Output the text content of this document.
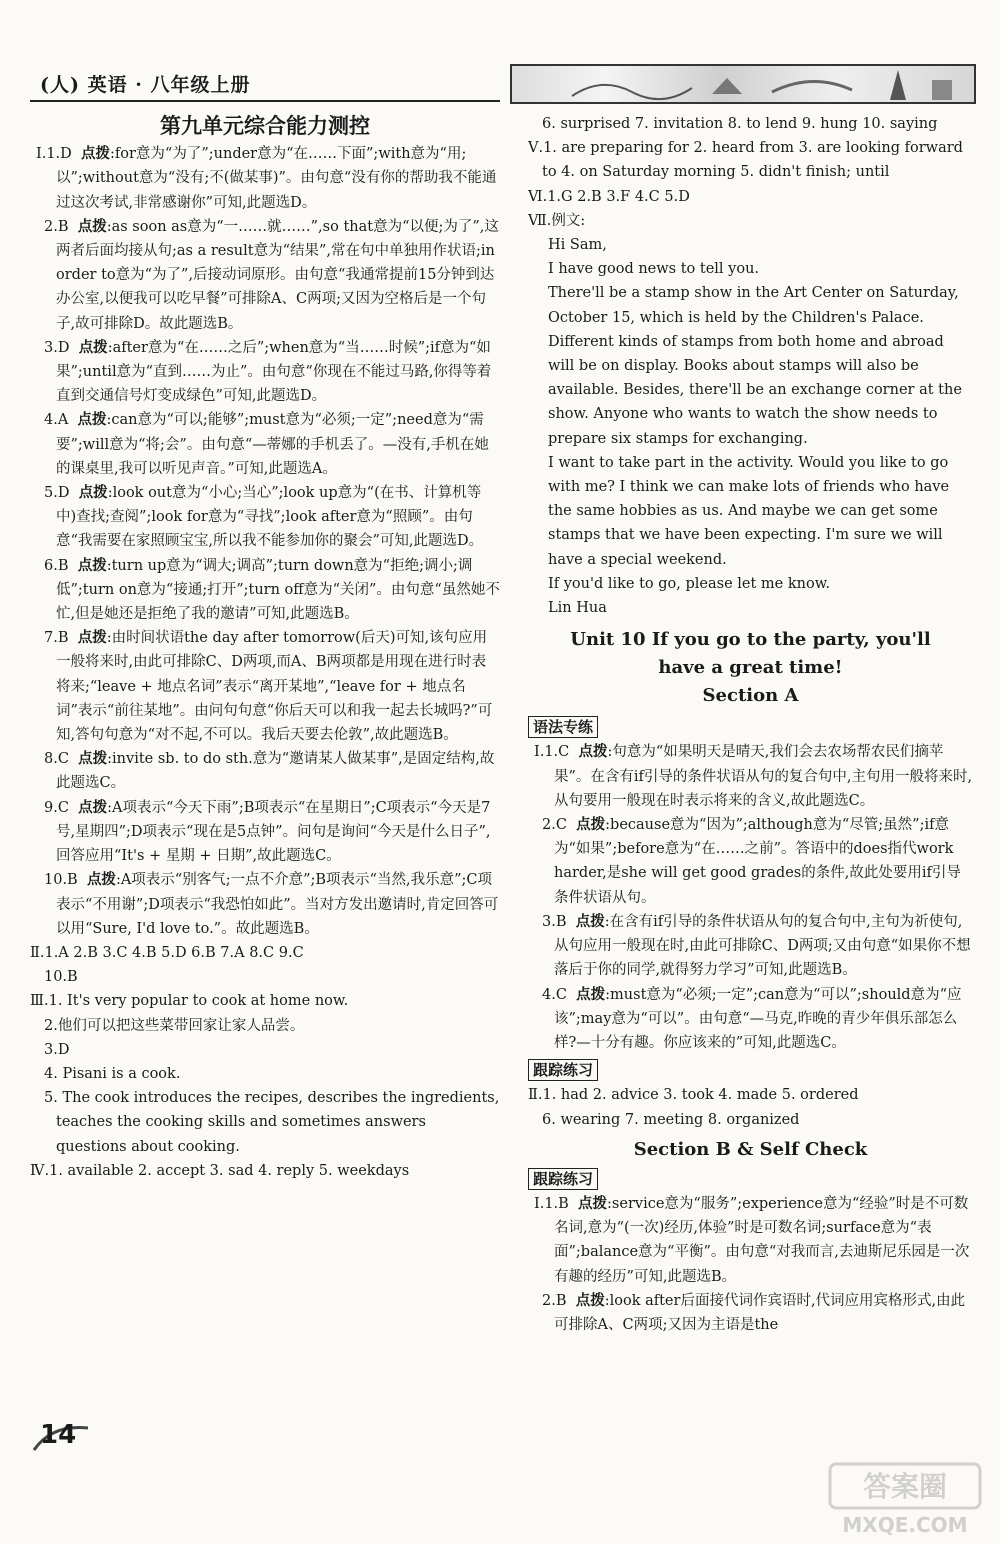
(人) 英语 · 八年级上册
第九单元综合能力测控

Ⅰ.1.D 点拨:for意为“为了”;under意为“在……下面”;with意为“用;以”;without意为“没有;不(做某事)”。由句意“没有你的帮助我不能通过这次考试,非常感谢你”可知,此题选D。

2.B 点拨:as soon as意为“一……就……”,so that意为“以便;为了”,这两者后面均接从句;as a result意为“结果”,常在句中单独用作状语;in order to意为“为了”,后接动词原形。由句意“我通常提前15分钟到达办公室,以便我可以吃早餐”可排除A、C两项;又因为空格后是一个句子,故可排除D。故此题选B。

3.D 点拨:after意为“在……之后”;when意为“当……时候”;if意为“如果”;until意为“直到……为止”。由句意“你现在不能过马路,你得等着直到交通信号灯变成绿色”可知,此题选D。

4.A 点拨:can意为“可以;能够”;must意为“必须;一定”;need意为“需要”;will意为“将;会”。由句意“—蒂娜的手机丢了。—没有,手机在她的课桌里,我可以听见声音。”可知,此题选A。

5.D 点拨:look out意为“小心;当心”;look up意为“(在书、计算机等中)查找;查阅”;look for意为“寻找”;look after意为“照顾”。由句意“我需要在家照顾宝宝,所以我不能参加你的聚会”可知,此题选D。

6.B 点拨:turn up意为“调大;调高”;turn down意为“拒绝;调小;调低”;turn on意为“接通;打开”;turn off意为“关闭”。由句意“虽然她不忙,但是她还是拒绝了我的邀请”可知,此题选B。

7.B 点拨:由时间状语the day after tomorrow(后天)可知,该句应用一般将来时,由此可排除C、D两项,而A、B两项都是用现在进行时表将来;“leave + 地点名词”表示“离开某地”,“leave for + 地点名词”表示“前往某地”。由问句句意“你后天可以和我一起去长城吗?”可知,答句句意为“对不起,不可以。我后天要去伦敦”,故此题选B。

8.C 点拨:invite sb. to do sth.意为“邀请某人做某事”,是固定结构,故此题选C。

9.C 点拨:A项表示“今天下雨”;B项表示“在星期日”;C项表示“今天是7号,星期四”;D项表示“现在是5点钟”。问句是询问“今天是什么日子”,回答应用“It's + 星期 + 日期”,故此题选C。

10.B 点拨:A项表示“别客气;一点不介意”;B项表示“当然,我乐意”;C项表示“不用谢”;D项表示“我恐怕如此”。当对方发出邀请时,肯定回答可以用“Sure, I'd love to.”。故此题选B。

Ⅱ.1.A 2.B 3.C 4.B 5.D 6.B 7.A 8.C 9.C

10.B

Ⅲ.1. It's very popular to cook at home now.

2.他们可以把这些菜带回家让家人品尝。

3.D

4. Pisani is a cook.

5. The cook introduces the recipes, describes the ingredients, teaches the cooking skills and sometimes answers questions about cooking.

Ⅳ.1. available 2. accept 3. sad 4. reply 5. weekdays

6. surprised 7. invitation 8. to lend 9. hung 10. saying

Ⅴ.1. are preparing for 2. heard from 3. are looking forward

to 4. on Saturday morning 5. didn't finish; until

Ⅵ.1.G 2.B 3.F 4.C 5.D

Ⅶ.例文:

Hi Sam,

I have good news to tell you.

There'll be a stamp show in the Art Center on Saturday, October 15, which is held by the Children's Palace. Different kinds of stamps from both home and abroad will be on display. Books about stamps will also be available. Besides, there'll be an exchange corner at the show. Anyone who wants to watch the show needs to prepare six stamps for exchanging.

I want to take part in the activity. Would you like to go with me? I think we can make lots of friends who have the same hobbies as us. And maybe we can get some stamps that we have been expecting. I'm sure we will have a special weekend.

If you'd like to go, please let me know.

Lin Hua

Unit 10 If you go to the party, you'll
have a great time!
Section A
语法专练

Ⅰ.1.C 点拨:句意为“如果明天是晴天,我们会去农场帮农民们摘苹果”。在含有if引导的条件状语从句的复合句中,主句用一般将来时,从句要用一般现在时表示将来的含义,故此题选C。

2.C 点拨:because意为“因为”;although意为“尽管;虽然”;if意为“如果”;before意为“在……之前”。答语中的does指代work harder,是she will get good grades的条件,故此处要用if引导条件状语从句。

3.B 点拨:在含有if引导的条件状语从句的复合句中,主句为祈使句,从句应用一般现在时,由此可排除C、D两项;又由句意“如果你不想落后于你的同学,就得努力学习”可知,此题选B。

4.C 点拨:must意为“必须;一定”;can意为“可以”;should意为“应该”;may意为“可以”。由句意“—马克,昨晚的青少年俱乐部怎么样?—十分有趣。你应该来的”可知,此题选C。

跟踪练习

Ⅱ.1. had 2. advice 3. took 4. made 5. ordered

6. wearing 7. meeting 8. organized

Section B & Self Check
跟踪练习

Ⅰ.1.B 点拨:service意为“服务”;experience意为“经验”时是不可数名词,意为“(一次)经历,体验”时是可数名词;surface意为“表面”;balance意为“平衡”。由句意“对我而言,去迪斯尼乐园是一次有趣的经历”可知,此题选B。

2.B 点拨:look after后面接代词作宾语时,代词应用宾格形式,由此可排除A、C两项;又因为主语是the

14
答案圈
MXQE.COM
